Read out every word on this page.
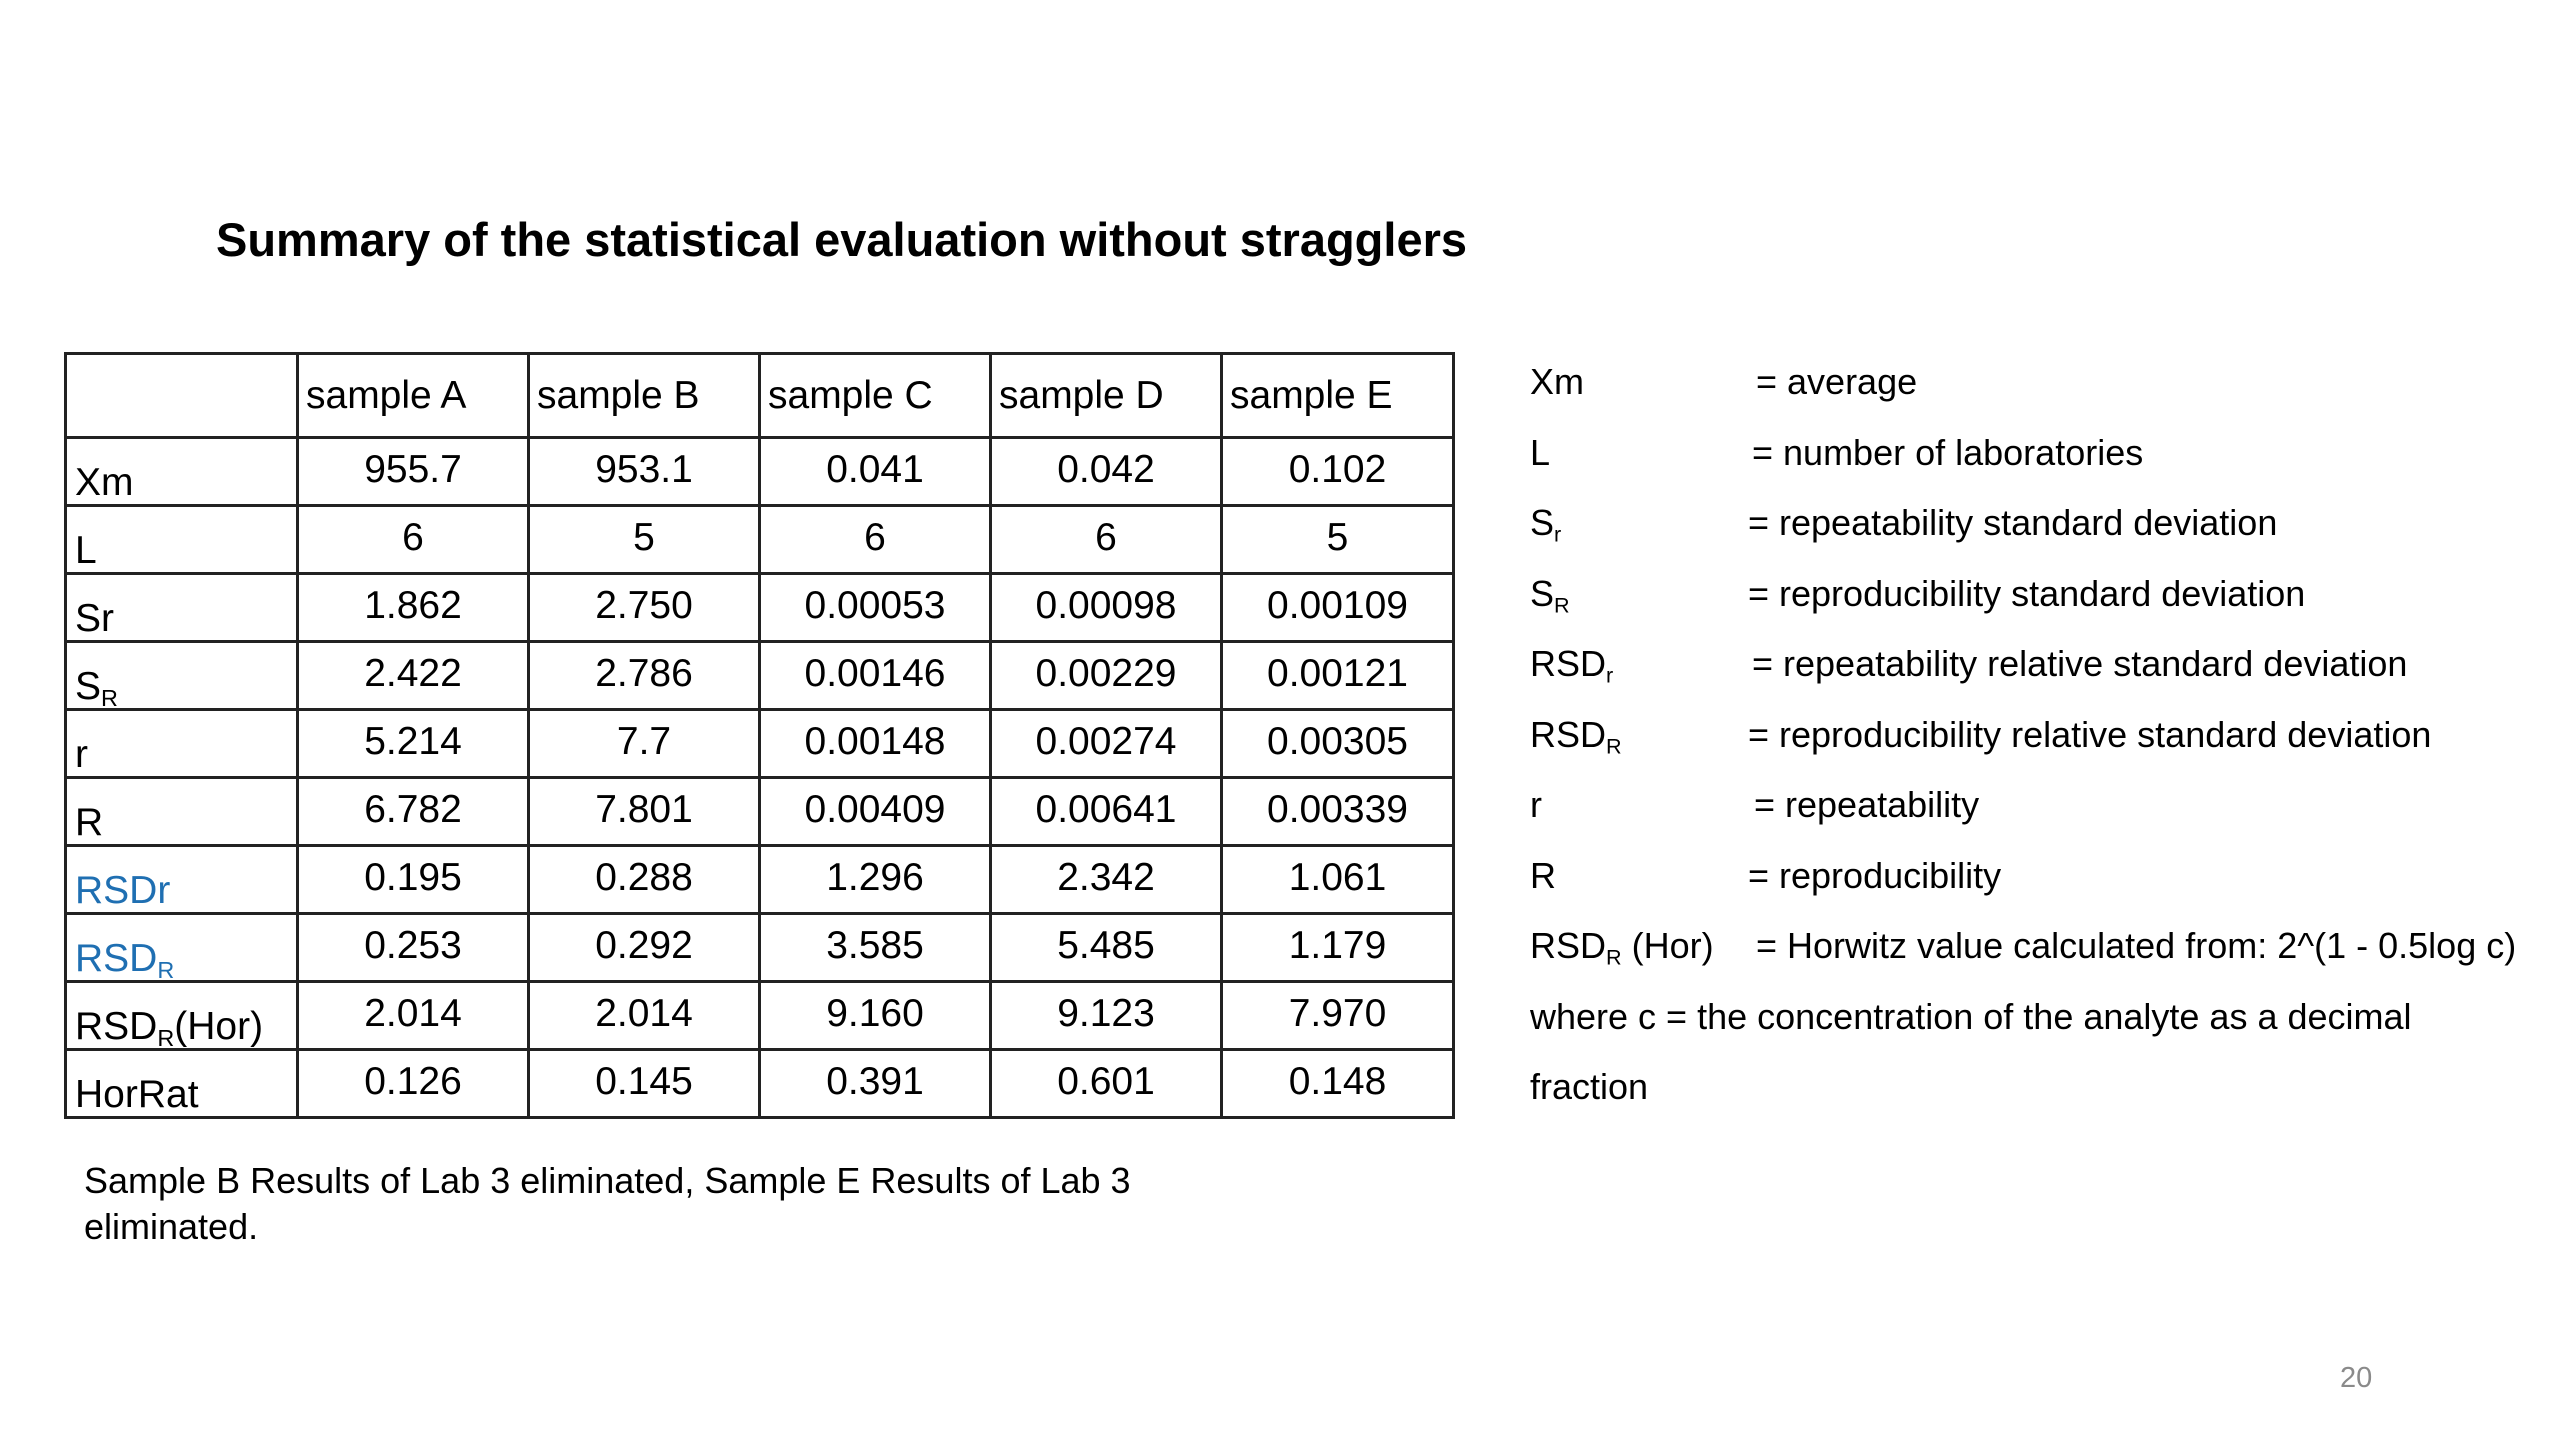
Summary of the statistical evaluation without stragglers
	sample A	sample B	sample C	sample D	sample E
Xm	955.7	953.1	0.041	0.042	0.102
L	6	5	6	6	5
Sr	1.862	2.750	0.00053	0.00098	0.00109
$S_R$	2.422	2.786	0.00146	0.00229	0.00121
r	5.214	7.7	0.00148	0.00274	0.00305
R	6.782	7.801	0.00409	0.00641	0.00339
RSDr	0.195	0.288	1.296	2.342	1.061
$RSD_R$	0.253	0.292	3.585	5.485	1.179
$RSD_R(Hor)$	2.014	2.014	9.160	9.123	7.970
HorRat	0.126	0.145	0.391	0.601	0.148
Sample B Results of Lab 3 eliminated, Sample E Results of Lab 3 eliminated.
Xm	= average
L	= number of laboratories
$S_r$	= repeatability standard deviation
$S_R$	= reproducibility standard deviation
$RSD_r$	= repeatability relative standard deviation
$RSD_R$	= reproducibility relative standard deviation
r	= repeatability
R	= reproducibility
$RSD_R$ (Hor) = Horwitz value calculated from: 2^(1 - 0.5log c)
where c = the concentration of the analyte as a decimal
fraction
20
